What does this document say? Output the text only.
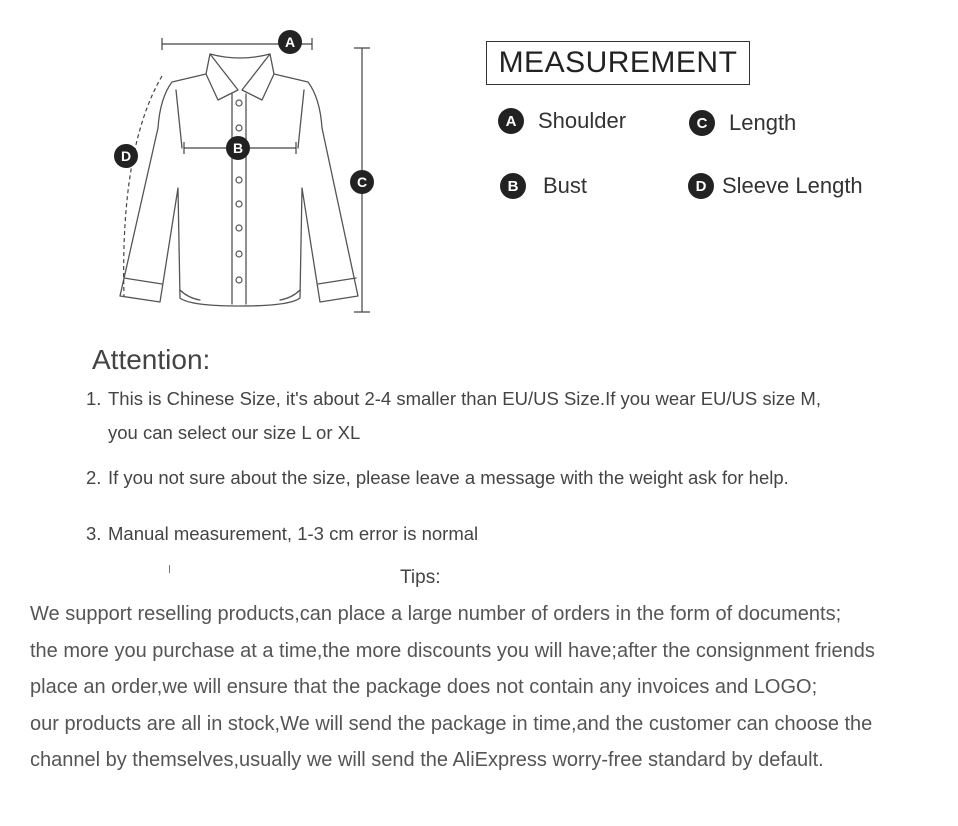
A
B
C
D
MEASUREMENT
A Shoulder
B	Bust
C Length
D Sleeve Length
Attention:
1. This is Chinese Size, it's about 2-4 smaller than EU/US Size.If you wear EU/US size M,
you can select our size L or XL
2. If you not sure about the size, please leave a message with the weight ask for help.
3. Manual measurement, 1-3 cm error is normal
Tips:
We support reselling products,can place a large number of orders in the form of documents;
the more you purchase at a time,the more discounts you will have;after the consignment friends
place an order,we will ensure that the package does not contain any invoices and LOGO;
our products are all in stock,We will send the package in time,and the customer can choose the
channel by themselves,usually we will send the AliExpress worry-free standard by default.
